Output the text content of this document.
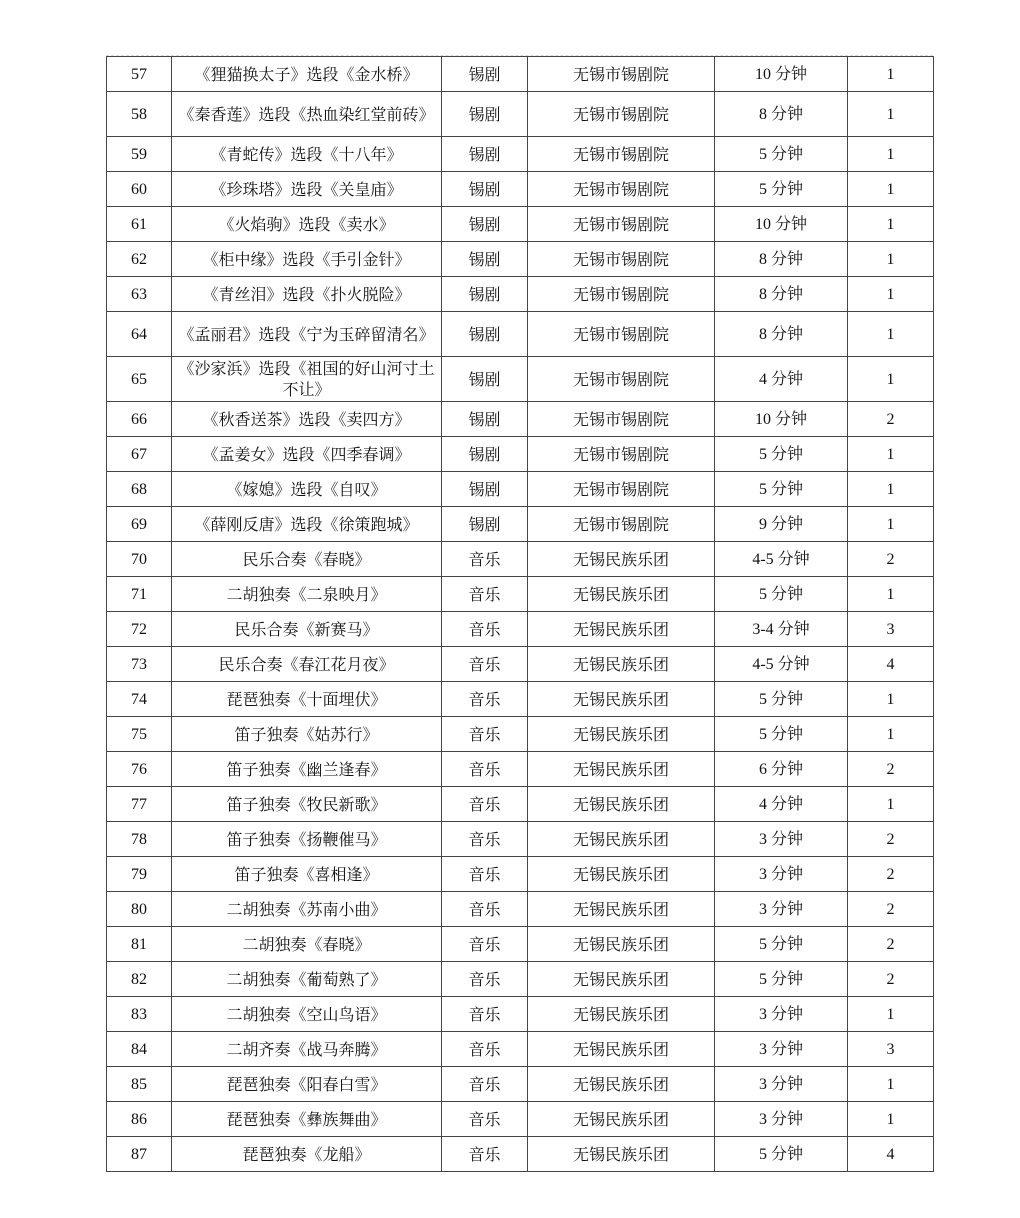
57	《狸猫换太子》选段《金水桥》	锡剧	无锡市锡剧院	10 分钟	1
58	《秦香莲》选段《热血染红堂前砖》	锡剧	无锡市锡剧院	8 分钟	1
59	《青蛇传》选段《十八年》	锡剧	无锡市锡剧院	5 分钟	1
60	《珍珠塔》选段《关皇庙》	锡剧	无锡市锡剧院	5 分钟	1
61	《火焰驹》选段《卖水》	锡剧	无锡市锡剧院	10 分钟	1
62	《柜中缘》选段《手引金针》	锡剧	无锡市锡剧院	8 分钟	1
63	《青丝泪》选段《扑火脱险》	锡剧	无锡市锡剧院	8 分钟	1
64	《孟丽君》选段《宁为玉碎留清名》	锡剧	无锡市锡剧院	8 分钟	1
65	《沙家浜》选段《祖国的好山河寸土不让》	锡剧	无锡市锡剧院	4 分钟	1
66	《秋香送茶》选段《卖四方》	锡剧	无锡市锡剧院	10 分钟	2
67	《孟姜女》选段《四季春调》	锡剧	无锡市锡剧院	5 分钟	1
68	《嫁媳》选段《自叹》	锡剧	无锡市锡剧院	5 分钟	1
69	《薛刚反唐》选段《徐策跑城》	锡剧	无锡市锡剧院	9 分钟	1
70	民乐合奏《春晓》	音乐	无锡民族乐团	4-5 分钟	2
71	二胡独奏《二泉映月》	音乐	无锡民族乐团	5 分钟	1
72	民乐合奏《新赛马》	音乐	无锡民族乐团	3-4 分钟	3
73	民乐合奏《春江花月夜》	音乐	无锡民族乐团	4-5 分钟	4
74	琵琶独奏《十面埋伏》	音乐	无锡民族乐团	5 分钟	1
75	笛子独奏《姑苏行》	音乐	无锡民族乐团	5 分钟	1
76	笛子独奏《幽兰逢春》	音乐	无锡民族乐团	6 分钟	2
77	笛子独奏《牧民新歌》	音乐	无锡民族乐团	4 分钟	1
78	笛子独奏《扬鞭催马》	音乐	无锡民族乐团	3 分钟	2
79	笛子独奏《喜相逢》	音乐	无锡民族乐团	3 分钟	2
80	二胡独奏《苏南小曲》	音乐	无锡民族乐团	3 分钟	2
81	二胡独奏《春晓》	音乐	无锡民族乐团	5 分钟	2
82	二胡独奏《葡萄熟了》	音乐	无锡民族乐团	5 分钟	2
83	二胡独奏《空山鸟语》	音乐	无锡民族乐团	3 分钟	1
84	二胡齐奏《战马奔腾》	音乐	无锡民族乐团	3 分钟	3
85	琵琶独奏《阳春白雪》	音乐	无锡民族乐团	3 分钟	1
86	琵琶独奏《彝族舞曲》	音乐	无锡民族乐团	3 分钟	1
87	琵琶独奏《龙船》	音乐	无锡民族乐团	5 分钟	4
